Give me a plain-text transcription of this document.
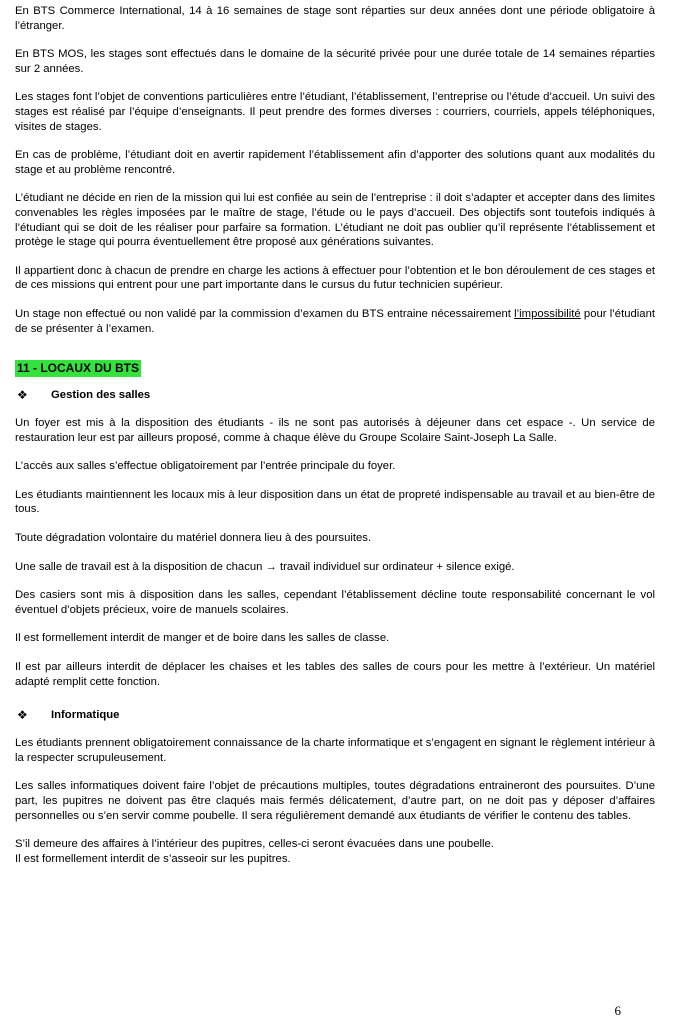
En BTS Commerce International, 14 à 16 semaines de stage sont réparties sur deux années dont une période obligatoire à l’étranger.

En BTS MOS, les stages sont effectués dans le domaine de la sécurité privée pour une durée totale de 14 semaines réparties sur 2 années.

Les stages font l’objet de conventions particulières entre l’étudiant, l’établissement, l’entreprise ou l’étude d’accueil. Un suivi des stages est réalisé par l’équipe d’enseignants. Il peut prendre des formes diverses : courriers, courriels, appels téléphoniques, visites de stages.

En cas de problème, l’étudiant doit en avertir rapidement l’établissement afin d’apporter des solutions quant aux modalités du stage et au problème rencontré.

L’étudiant ne décide en rien de la mission qui lui est confiée au sein de l’entreprise : il doit s’adapter et accepter dans des limites convenables les règles imposées par le maître de stage, l’étude ou le pays d’accueil. Des objectifs sont toutefois indiqués à l’étudiant qui se doit de les réaliser pour parfaire sa formation. L’étudiant ne doit pas oublier qu’il représente l’établissement et protège le stage qui pourra éventuellement être proposé aux générations suivantes.

Il appartient donc à chacun de prendre en charge les actions à effectuer pour l’obtention et le bon déroulement de ces stages et de ces missions qui entrent pour une part importante dans le cursus du futur technicien supérieur.

Un stage non effectué ou non validé par la commission d’examen du BTS entraine nécessairement l’impossibilité pour l’étudiant de se présenter à l’examen.

11 - LOCAUX DU BTS
❖	Gestion des salles

Un foyer est mis à la disposition des étudiants - ils ne sont pas autorisés à déjeuner dans cet espace -. Un service de restauration leur est par ailleurs proposé, comme à chaque élève du Groupe Scolaire Saint-Joseph La Salle.

L’accès aux salles s’effectue obligatoirement par l’entrée principale du foyer.

Les étudiants maintiennent les locaux mis à leur disposition dans un état de propreté indispensable au travail et au bien-être de tous.

Toute dégradation volontaire du matériel donnera lieu à des poursuites.

Une salle de travail est à la disposition de chacun → travail individuel sur ordinateur + silence exigé.

Des casiers sont mis à disposition dans les salles, cependant l’établissement décline toute responsabilité concernant le vol éventuel d’objets précieux, voire de manuels scolaires.

Il est formellement interdit de manger et de boire dans les salles de classe.

Il est par ailleurs interdit de déplacer les chaises et les tables des salles de cours pour les mettre à l’extérieur. Un matériel adapté remplit cette fonction.

❖	Informatique

Les étudiants prennent obligatoirement connaissance de la charte informatique et s’engagent en signant le règlement intérieur à la respecter scrupuleusement.

Les salles informatiques doivent faire l’objet de précautions multiples, toutes dégradations entraineront des poursuites. D’une part, les pupitres ne doivent pas être claqués mais fermés délicatement, d’autre part, on ne doit pas y déposer d’affaires personnelles ou s’en servir comme poubelle. Il sera régulièrement demandé aux étudiants de vérifier le contenu des tables.

S’il demeure des affaires à l’intérieur des pupitres, celles-ci seront évacuées dans une poubelle.
Il est formellement interdit de s’asseoir sur les pupitres.

6
